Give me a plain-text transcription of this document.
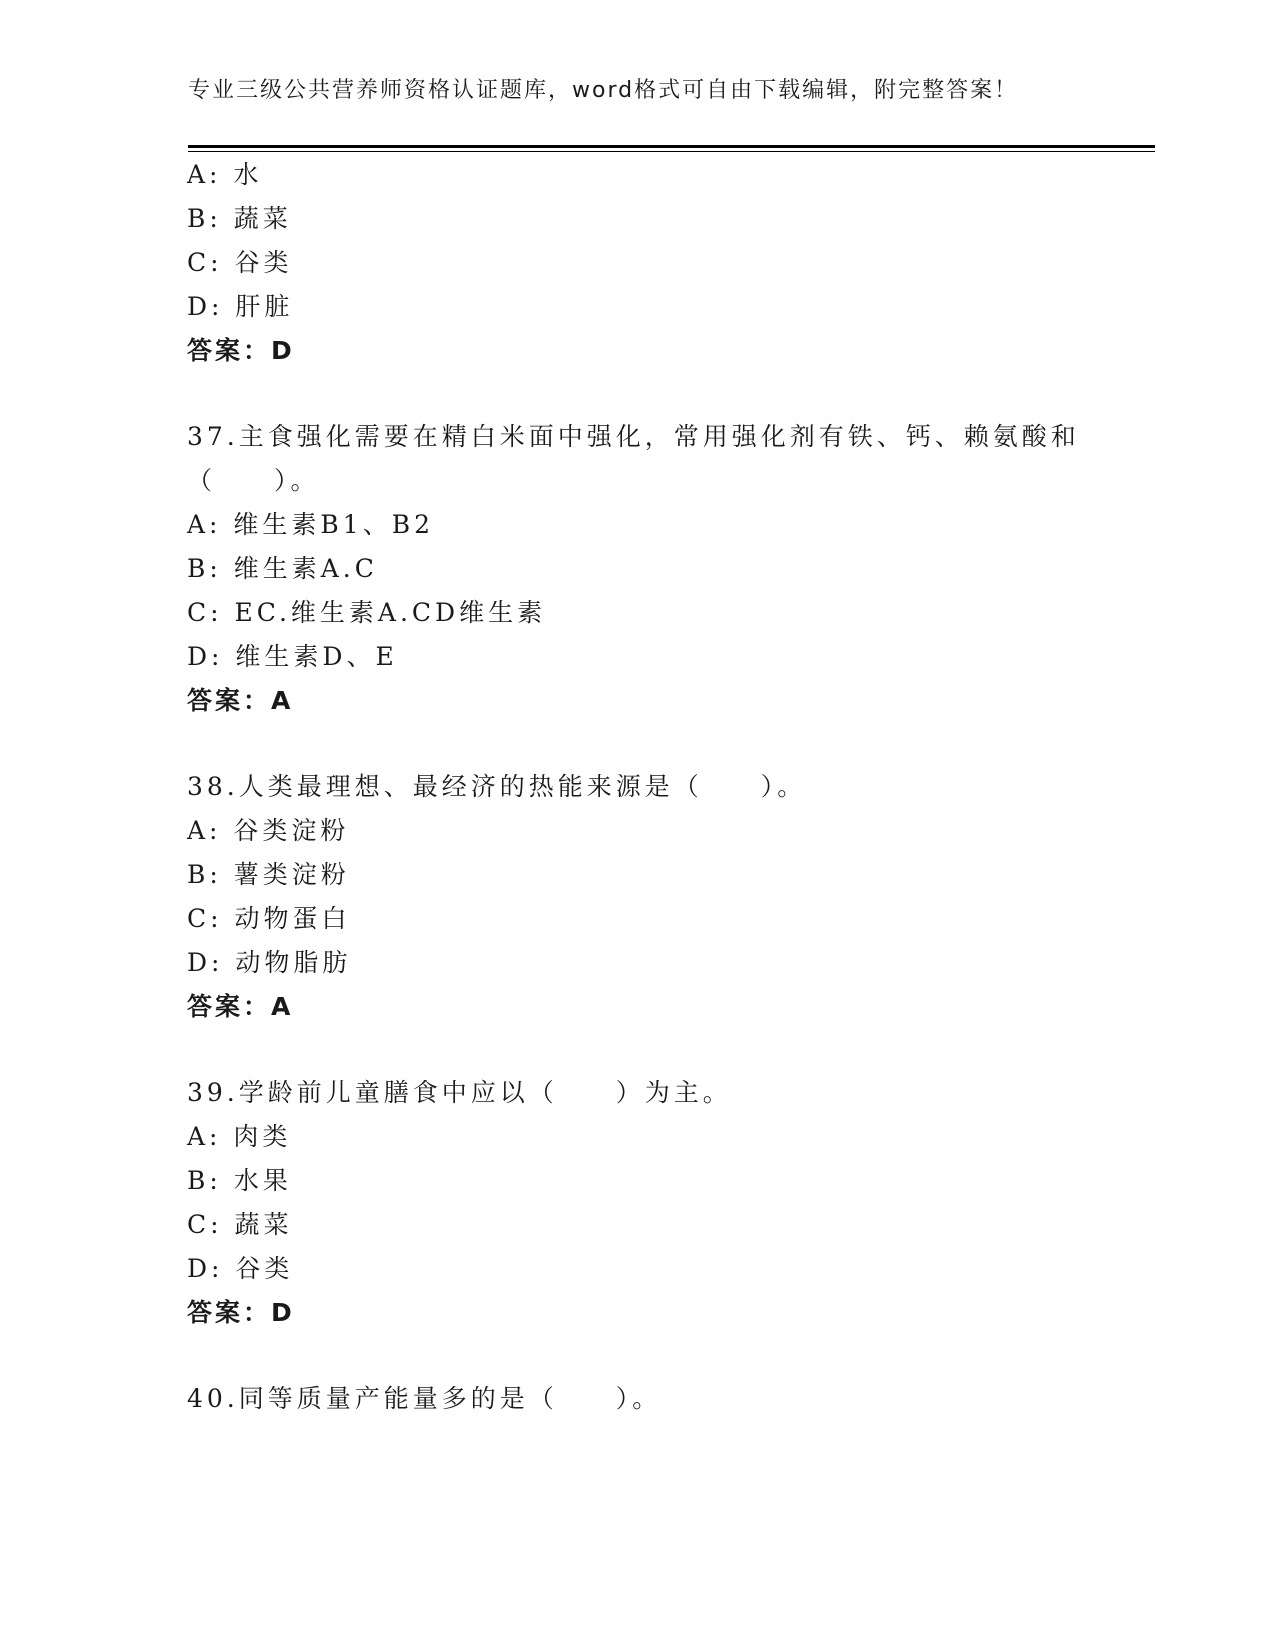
专业三级公共营养师资格认证题库，word格式可自由下载编辑，附完整答案！
A: 水
B: 蔬菜
C: 谷类
D: 肝脏
答案：D
37.主食强化需要在精白米面中强化，常用强化剂有铁、钙、赖氨酸和
（　　）。
A: 维生素B1、B2
B: 维生素A.C
C: EC.维生素A.CD维生素
D: 维生素D、E
答案：A
38.人类最理想、最经济的热能来源是（　　）。
A: 谷类淀粉
B: 薯类淀粉
C: 动物蛋白
D: 动物脂肪
答案：A
39.学龄前儿童膳食中应以（　　）为主。
A: 肉类
B: 水果
C: 蔬菜
D: 谷类
答案：D
40.同等质量产能量多的是（　　）。
